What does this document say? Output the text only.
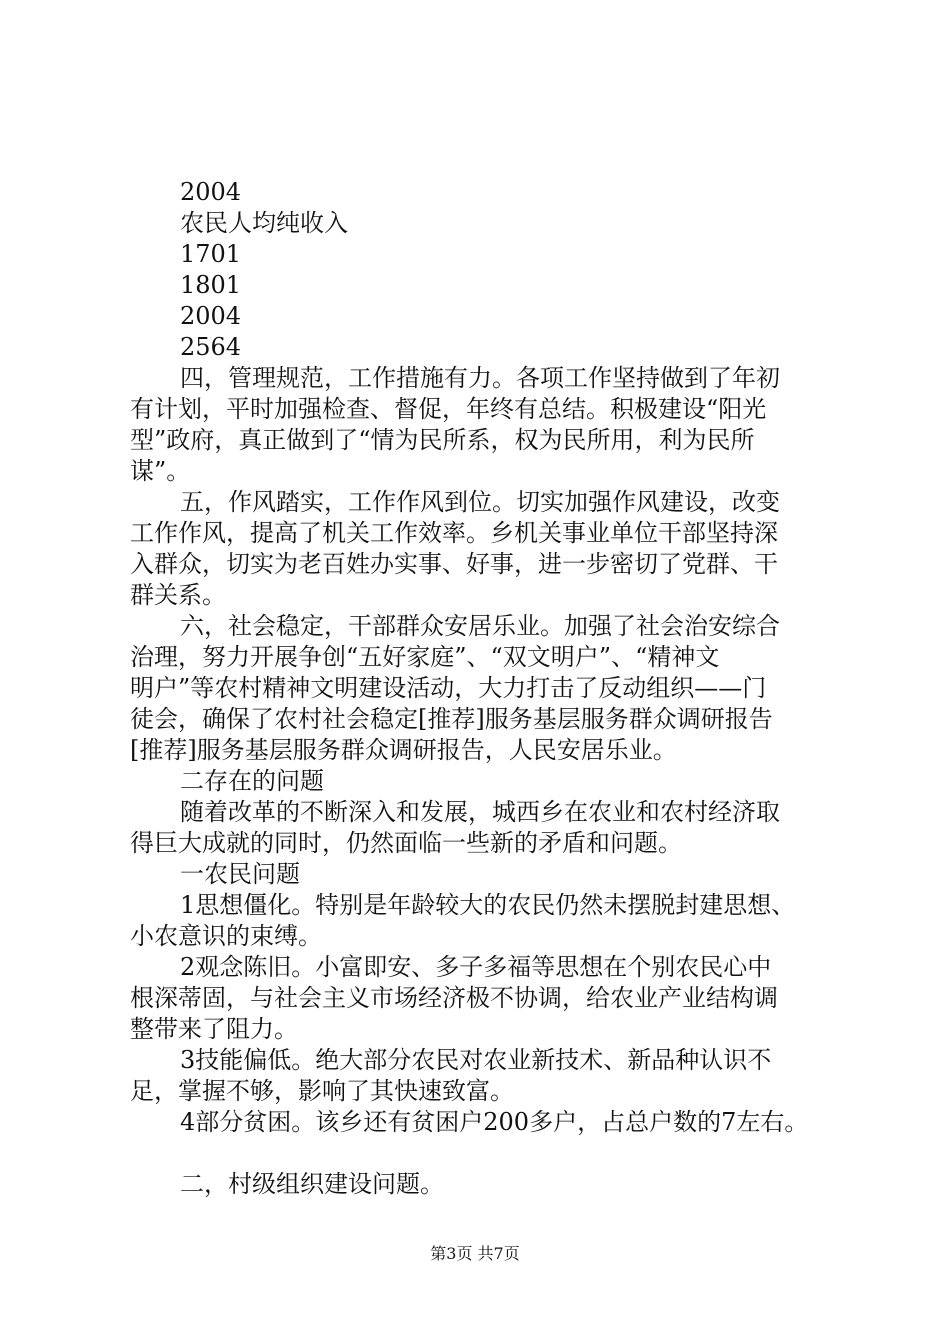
2004
农民人均纯收入
1701
1801
2004
2564
四，管理规范，工作措施有力。各项工作坚持做到了年初
有计划，平时加强检查、督促，年终有总结。积极建设“阳光
型”政府，真正做到了“情为民所系，权为民所用，利为民所
谋”。
五，作风踏实，工作作风到位。切实加强作风建设，改变
工作作风，提高了机关工作效率。乡机关事业单位干部坚持深
入群众，切实为老百姓办实事、好事，进一步密切了党群、干
群关系。
六，社会稳定，干部群众安居乐业。加强了社会治安综合
治理，努力开展争创“五好家庭”、“双文明户”、“精神文
明户”等农村精神文明建设活动，大力打击了反动组织——门
徒会，确保了农村社会稳定[推荐]服务基层服务群众调研报告
[推荐]服务基层服务群众调研报告，人民安居乐业。
二存在的问题
随着改革的不断深入和发展，城西乡在农业和农村经济取
得巨大成就的同时，仍然面临一些新的矛盾和问题。
一农民问题
1思想僵化。特别是年龄较大的农民仍然未摆脱封建思想、
小农意识的束缚。
2观念陈旧。小富即安、多子多福等思想在个别农民心中
根深蒂固，与社会主义市场经济极不协调，给农业产业结构调
整带来了阻力。
3技能偏低。绝大部分农民对农业新技术、新品种认识不
足，掌握不够，影响了其快速致富。
4部分贫困。该乡还有贫困户200多户，占总户数的7左右。
二，村级组织建设问题。
第3页 共7页
